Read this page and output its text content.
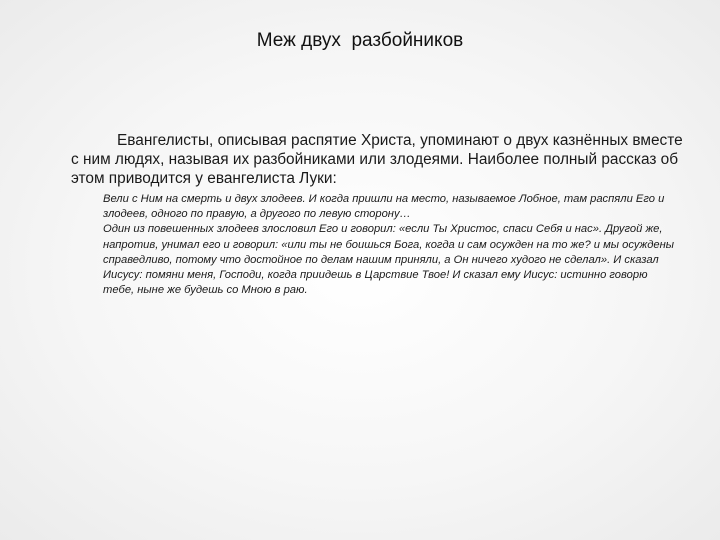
Меж двух  разбойников

Евангелисты, описывая распятие Христа, упоминают о двух казнённых вместе с ним людях, называя их разбойниками или злодеями. Наиболее полный рассказ об этом приводится у евангелиста Луки:

Вели с Ним на смерть и двух злодеев. И когда пришли на место, называемое Лобное, там распяли Его и злодеев, одного по правую, а другого по левую сторону…

Один из повешенных злодеев злословил Его и говорил: «если Ты Христос, спаси Себя и нас». Другой же, напротив, унимал его и говорил: «или ты не боишься Бога, когда и сам осужден на то же? и мы осуждены справедливо, потому что достойное по делам нашим приняли, а Он ничего худого не сделал». И сказал Иисусу: помяни меня, Господи, когда приидешь в Царствие Твое! И сказал ему Иисус: истинно говорю тебе, ныне же будешь со Мною в раю.
